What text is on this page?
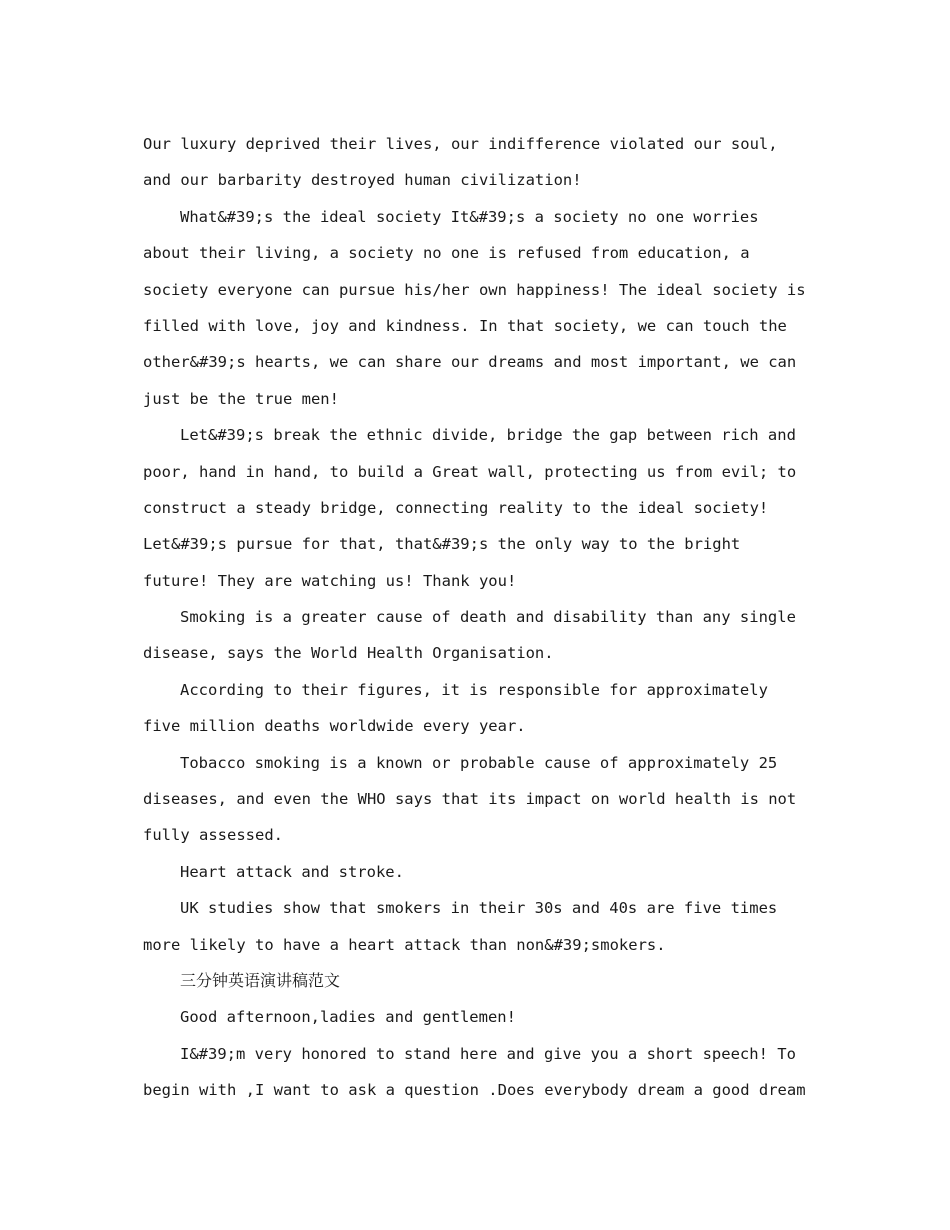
Our luxury deprived their lives, our indifference violated our soul,
and our barbarity destroyed human civilization!
What&#39;s the ideal society It&#39;s a society no one worries
about their living, a society no one is refused from education, a
society everyone can pursue his/her own happiness! The ideal society is
filled with love, joy and kindness. In that society, we can touch the
other&#39;s hearts, we can share our dreams and most important, we can
just be the true men!
Let&#39;s break the ethnic divide, bridge the gap between rich and
poor, hand in hand, to build a Great wall, protecting us from evil; to
construct a steady bridge, connecting reality to the ideal society!
Let&#39;s pursue for that, that&#39;s the only way to the bright
future! They are watching us! Thank you!
Smoking is a greater cause of death and disability than any single
disease, says the World Health Organisation.
According to their figures, it is responsible for approximately
five million deaths worldwide every year.
Tobacco smoking is a known or probable cause of approximately 25
diseases, and even the WHO says that its impact on world health is not
fully assessed.
Heart attack and stroke.
UK studies show that smokers in their 30s and 40s are five times
more likely to have a heart attack than non&#39;smokers.
三分钟英语演讲稿范文
Good afternoon,ladies and gentlemen!
I&#39;m very honored to stand here and give you a short speech! To
begin with ,I want to ask a question .Does everybody dream a good dream
